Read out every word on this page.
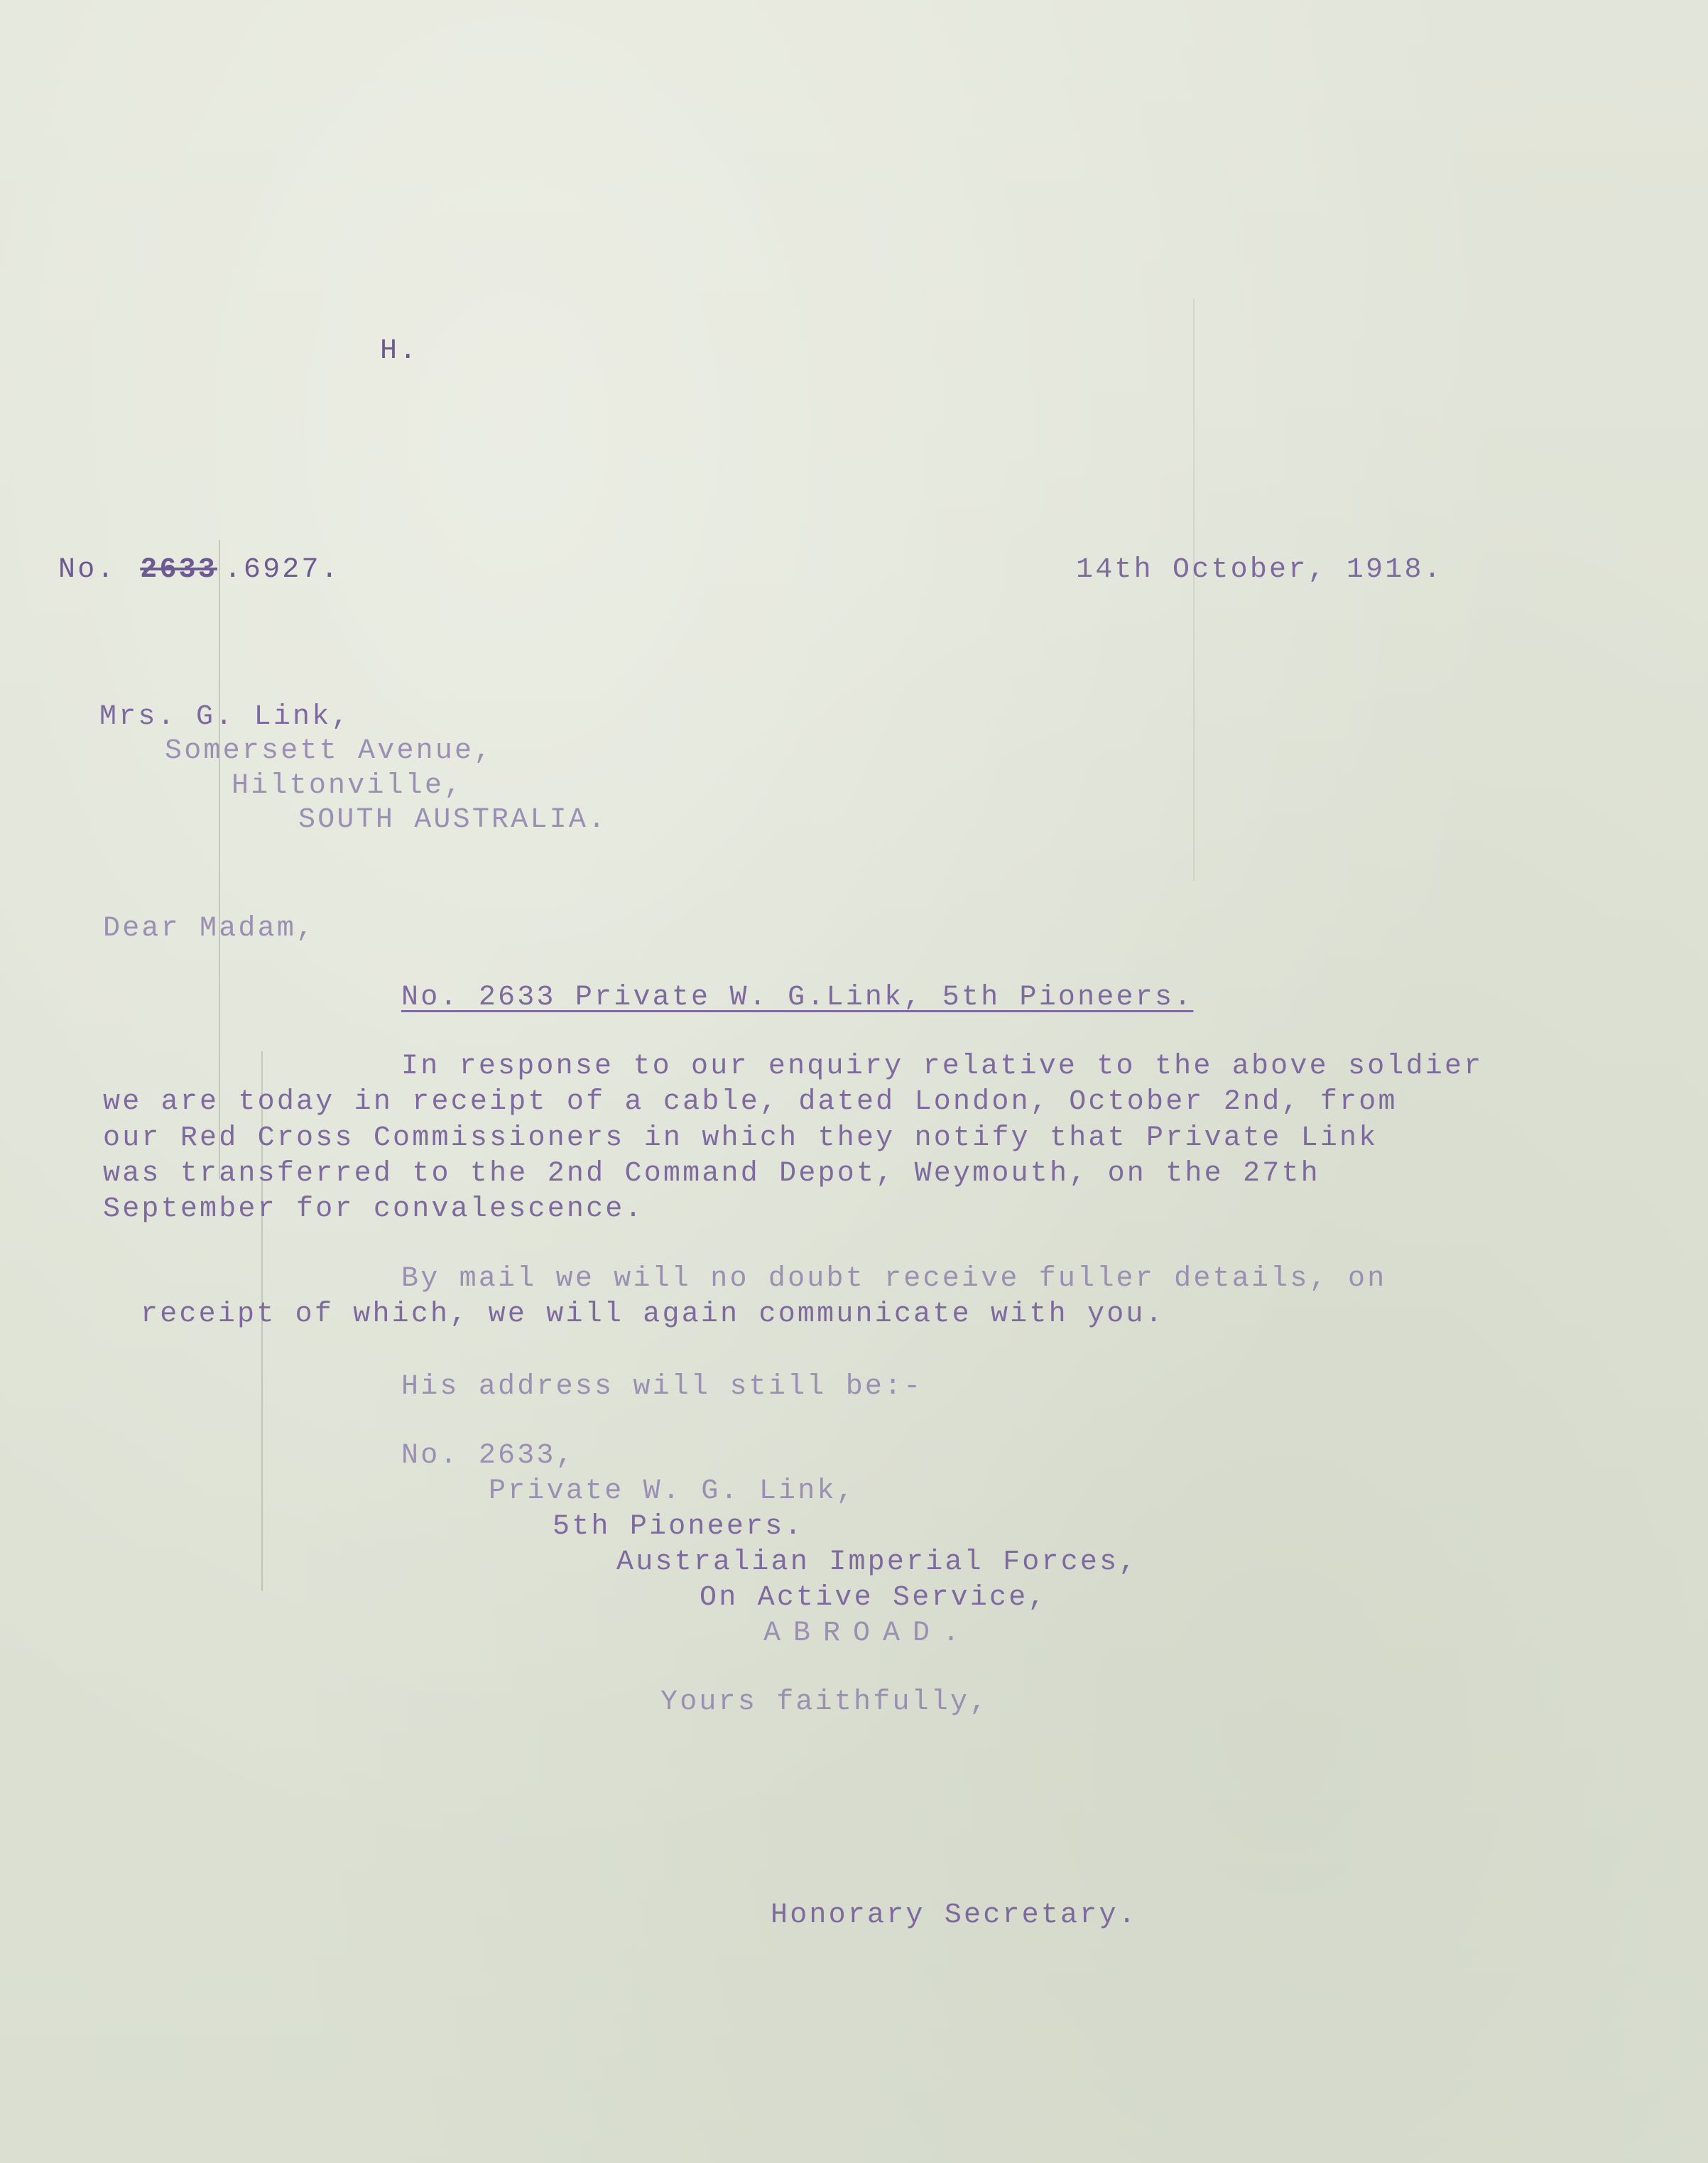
H.
No. 2633 .6927.	14th October, 1918.
Mrs. G. Link,
Somersett Avenue,
Hiltonville,
SOUTH AUSTRALIA.
Dear Madam,
No. 2633 Private W. G.Link, 5th Pioneers.
In response to our enquiry relative to the above soldier
we are today in receipt of a cable, dated London, October 2nd, from
our Red Cross Commissioners in which they notify that Private Link
was transferred to the 2nd Command Depot, Weymouth, on the 27th
September for convalescence.
By mail we will no doubt receive fuller details, on
receipt of which, we will again communicate with you.
His address will still be:-
No. 2633,
Private W. G. Link,
5th Pioneers.
Australian Imperial Forces,
On Active Service,
ABROAD.
Yours faithfully,
Honorary Secretary.
